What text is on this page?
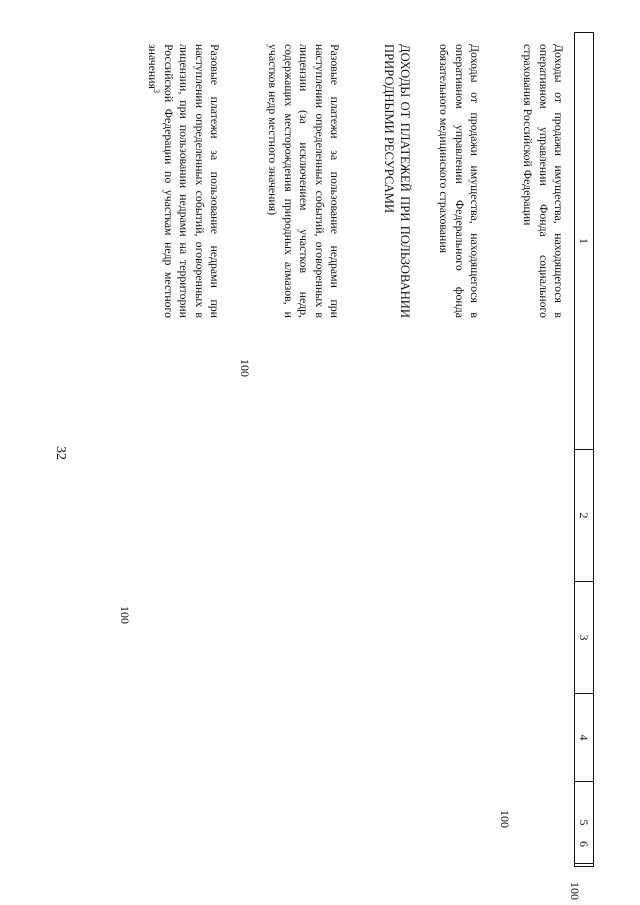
32
1
2
3
4
5
6
Доходы от продажи имущества, находящегося в оперативном управлении Фонда социального страхования Российской Федерации
100
Доходы от продажи имущества, находящегося в оперативном управлении Федерального фонда обязательного медицинского страхования
100
ДОХОДЫ ОТ ПЛАТЕЖЕЙ ПРИ ПОЛЬЗОВАНИИ ПРИРОДНЫМИ РЕСУРСАМИ
Разовые платежи за пользование недрами при наступлении определенных событий, оговоренных в лицензии (за исключением участков недр, содержащих месторождения природных алмазов, и участков недр местного значения)
100
Разовые платежи за пользование недрами при наступлении определенных событий, оговоренных в лицензии, при пользовании недрами на территории Российской Федерации по участкам недр местного значения$^3$
100
